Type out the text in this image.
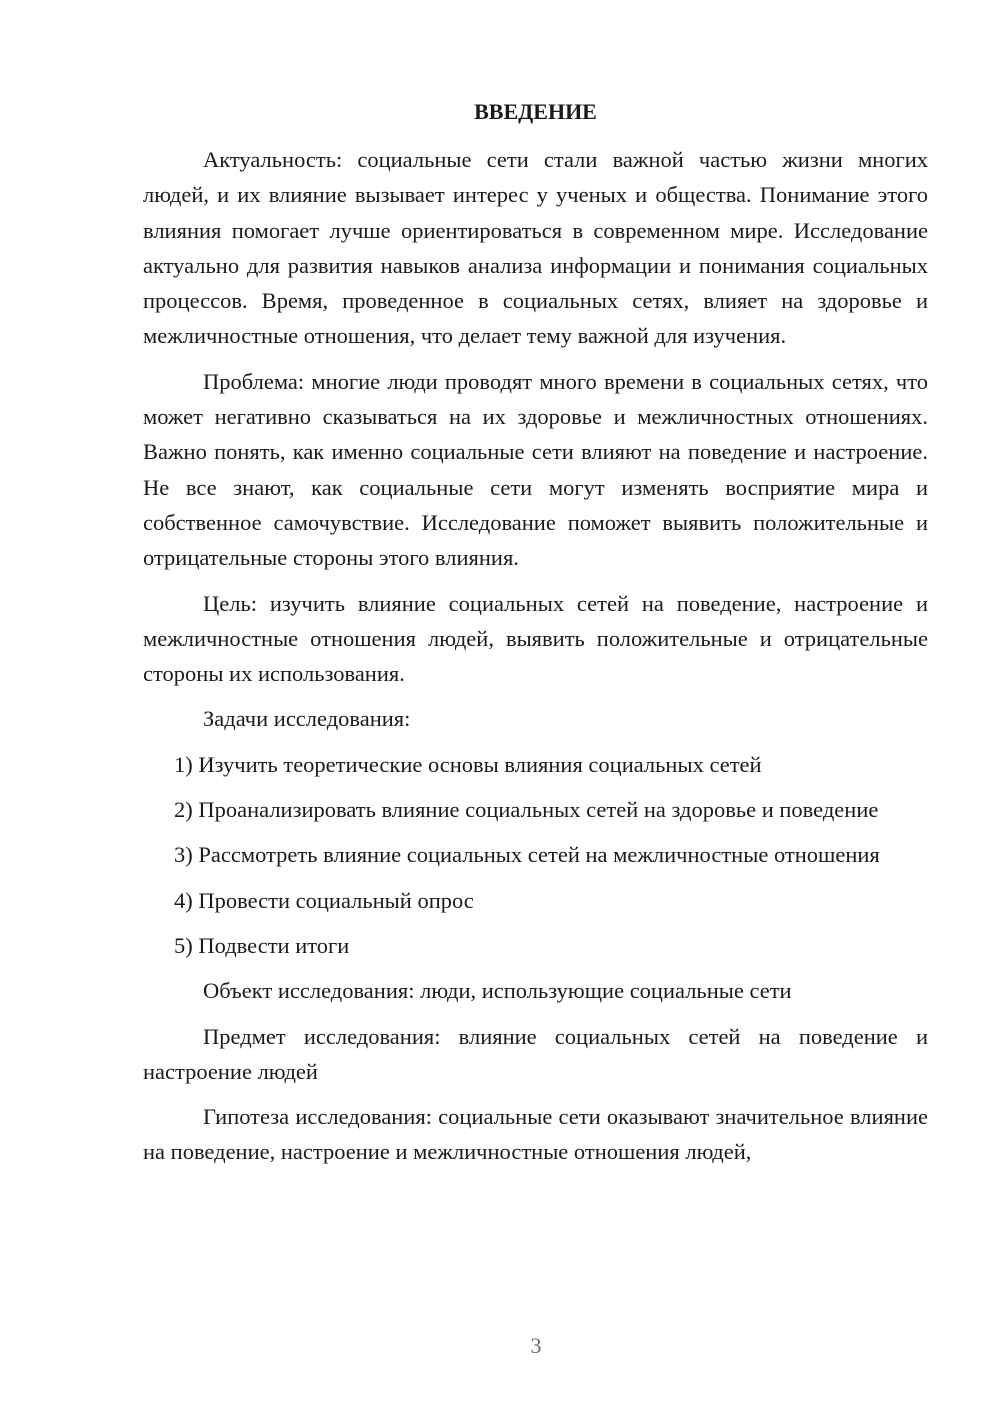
ВВЕДЕНИЕ

Актуальность: социальные сети стали важной частью жизни многих людей, и их влияние вызывает интерес у ученых и общества. Понимание этого влияния помогает лучше ориентироваться в современном мире. Исследование актуально для развития навыков анализа информации и понимания социальных процессов. Время, проведенное в социальных сетях, влияет на здоровье и межличностные отношения, что делает тему важной для изучения.

Проблема: многие люди проводят много времени в социальных сетях, что может негативно сказываться на их здоровье и межличностных отношениях. Важно понять, как именно социальные сети влияют на поведение и настроение. Не все знают, как социальные сети могут изменять восприятие мира и собственное самочувствие. Исследование поможет выявить положительные и отрицательные стороны этого влияния.

Цель: изучить влияние социальных сетей на поведение, настроение и межличностные отношения людей, выявить положительные и отрицательные стороны их использования.

Задачи исследования:

1) Изучить теоретические основы влияния социальных сетей

2) Проанализировать влияние социальных сетей на здоровье и поведение

3) Рассмотреть влияние социальных сетей на межличностные отношения

4) Провести социальный опрос

5) Подвести итоги

Объект исследования: люди, использующие социальные сети

Предмет исследования: влияние социальных сетей на поведение и настроение людей

Гипотеза исследования: социальные сети оказывают значительное влияние на поведение, настроение и межличностные отношения людей,

3
